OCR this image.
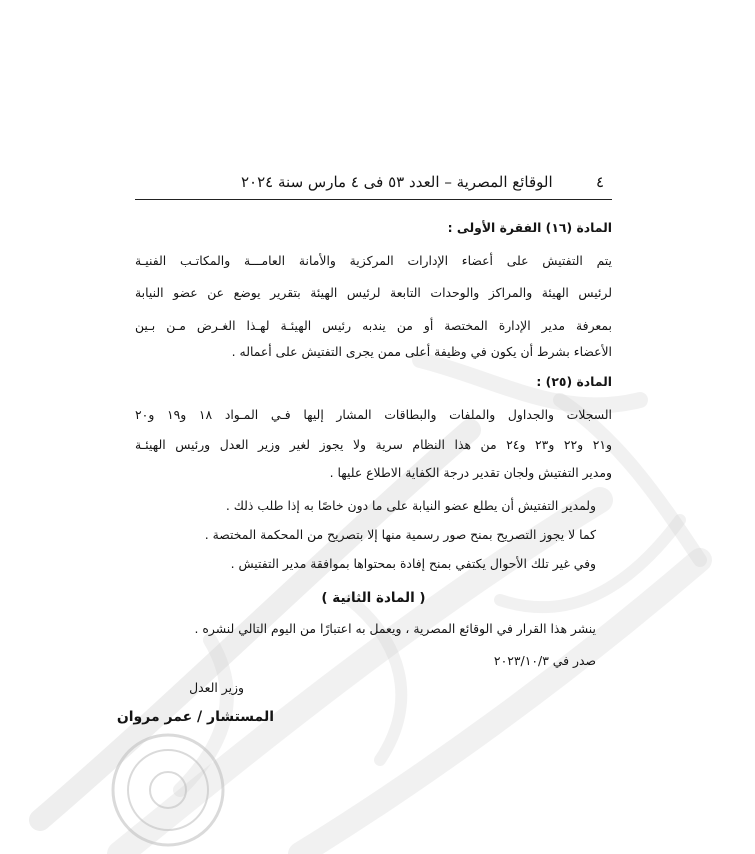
٤
الوقائع المصرية – العدد ٥٣ فى ٤ مارس سنة ٢٠٢٤
المادة (١٦) الفقرة الأولى :
يتم التفتيش على أعضاء الإدارات المركزية والأمانة العامـــة والمكاتـب الفنيـة
لرئيس الهيئة والمراكز والوحدات التابعة لرئيس الهيئة بتقرير يوضع عن عضو النيابة
بمعرفة مدير الإدارة المختصة أو من يندبه رئيس الهيئـة لهـذا الغـرض مـن بـين
الأعضاء بشرط أن يكون في وظيفة أعلى ممن يجرى التفتيش على أعماله .
المادة (٢٥) :
السجلات والجداول والملفات والبطاقات المشار إليها فـي المـواد ١٨ و١٩ و٢٠
و٢١ و٢٢ و٢٣ و٢٤ من هذا النظام سرية ولا يجوز لغير وزير العدل ورئيس الهيئـة
ومدير التفتيش ولجان تقدير درجة الكفاية الاطلاع عليها .
ولمدير التفتيش أن يطلع عضو النيابة على ما دون خاصًا به إذا طلب ذلك .
كما لا يجوز التصريح بمنح صور رسمية منها إلا بتصريح من المحكمة المختصة .
وفي غير تلك الأحوال يكتفي بمنح إفادة بمحتواها بموافقة مدير التفتيش .
( المادة الثانية )
ينشر هذا القرار في الوقائع المصرية ، ويعمل به اعتبارًا من اليوم التالي لنشره .
صدر في ٢٠٢٣/١٠/٣
وزير العدل
المستشار / عمر مروان
